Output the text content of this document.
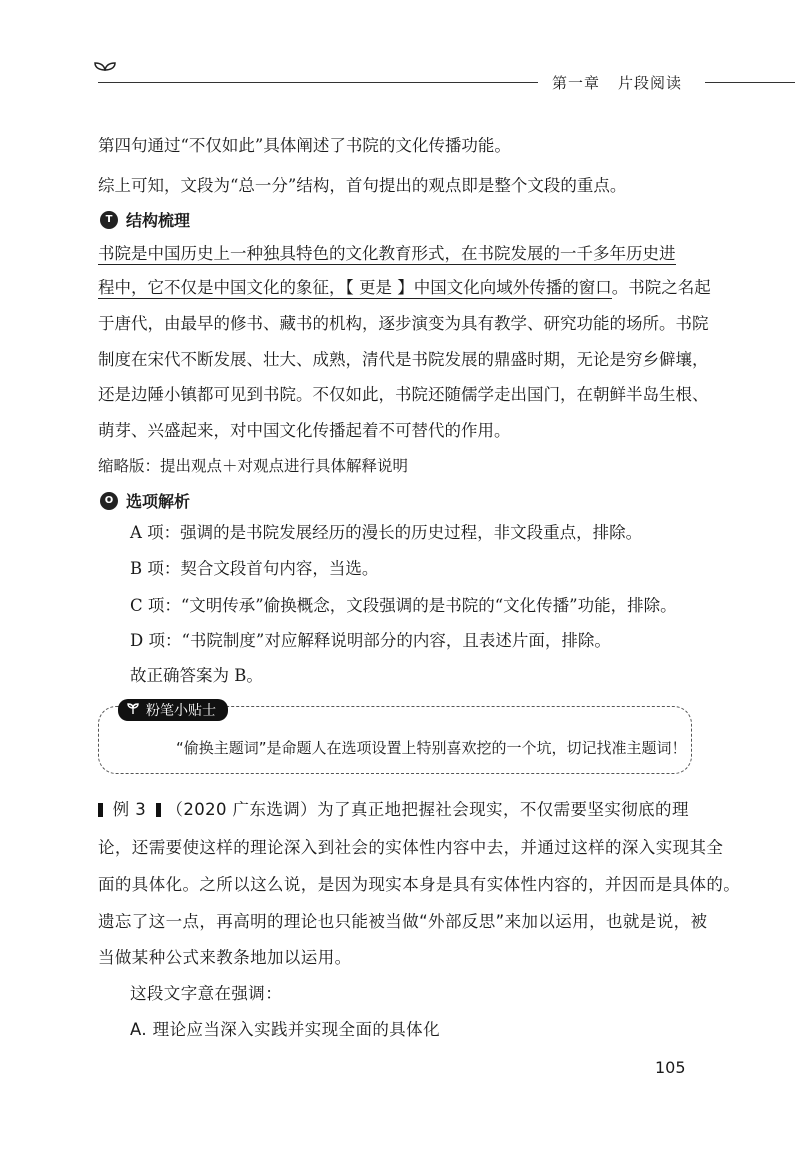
第一章 片段阅读
第四句通过“不仅如此”具体阐述了书院的文化传播功能。
综上可知，文段为“总一分”结构，首句提出的观点即是整个文段的重点。
T 结构梳理
书院是中国历史上一种独具特色的文化教育形式，在书院发展的一千多年历史进
程中，它不仅是中国文化的象征，【 更是 】中国文化向域外传播的窗口。书院之名起
于唐代，由最早的修书、藏书的机构，逐步演变为具有教学、研究功能的场所。书院
制度在宋代不断发展、壮大、成熟，清代是书院发展的鼎盛时期，无论是穷乡僻壤，
还是边陲小镇都可见到书院。不仅如此，书院还随儒学走出国门，在朝鲜半岛生根、
萌芽、兴盛起来，对中国文化传播起着不可替代的作用。
缩略版：提出观点＋对观点进行具体解释说明
O 选项解析
A 项：强调的是书院发展经历的漫长的历史过程，非文段重点，排除。
B 项：契合文段首句内容，当选。
C 项：“文明传承”偷换概念，文段强调的是书院的“文化传播”功能，排除。
D 项：“书院制度”对应解释说明部分的内容，且表述片面，排除。
故正确答案为 B。
粉笔小贴士
“偷换主题词”是命题人在选项设置上特别喜欢挖的一个坑，切记找准主题词！
例 3 （2020 广东选调）为了真正地把握社会现实，不仅需要坚实彻底的理
论，还需要使这样的理论深入到社会的实体性内容中去，并通过这样的深入实现其全
面的具体化。之所以这么说，是因为现实本身是具有实体性内容的，并因而是具体的。
遗忘了这一点，再高明的理论也只能被当做“外部反思”来加以运用，也就是说，被
当做某种公式来教条地加以运用。
这段文字意在强调：
A. 理论应当深入实践并实现全面的具体化
105
